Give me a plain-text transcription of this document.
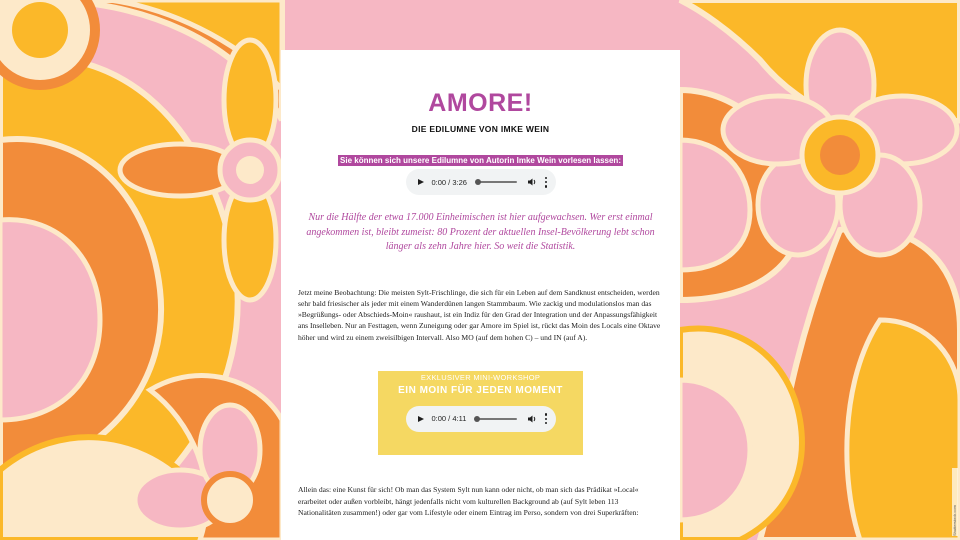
AMORE!
DIE EDILUMNE VON IMKE WEIN
Sie können sich unsere Edilumne von Autorin Imke Wein vorlesen lassen:
0:00 / 3:26

Nur die Hälfte der etwa 17.000 Einheimischen ist hier aufgewachsen. Wer erst einmal angekommen ist, bleibt zumeist: 80 Prozent der aktuellen Insel-Bevölkerung lebt schon länger als zehn Jahre hier. So weit die Statistik.

Jetzt meine Beobachtung: Die meisten Sylt-Frischlinge, die sich für ein Leben auf dem Sandknust entscheiden, werden sehr bald friesischer als jeder mit einem Wanderdünen langen Stammbaum. Wie zackig und modulationslos man das »Begrüßungs- oder Abschieds-Moin« raushaut, ist ein Indiz für den Grad der Integration und der Anpassungsfähigkeit ans Inselleben. Nur an Festtagen, wenn Zuneigung oder gar Amore im Spiel ist, rückt das Moin des Locals eine Oktave höher und wird zu einem zweisilbigen Intervall. Also MO (auf dem hohen C) – und IN (auf A).

EXKLUSIVER MINI-WORKSHOP
EIN MOIN FÜR JEDEN MOMENT
0:00 / 4:11

Allein das: eine Kunst für sich! Ob man das System Sylt nun kann oder nicht, ob man sich das Prädikat »Local« erarbeitet oder außen vorbleibt, hängt jedenfalls nicht vom kulturellen Background ab (auf Sylt leben 113 Nationalitäten zusammen!) oder gar vom Lifestyle oder einem Eintrag im Perso, sondern von drei Superkräften:	Shutterstock.com
